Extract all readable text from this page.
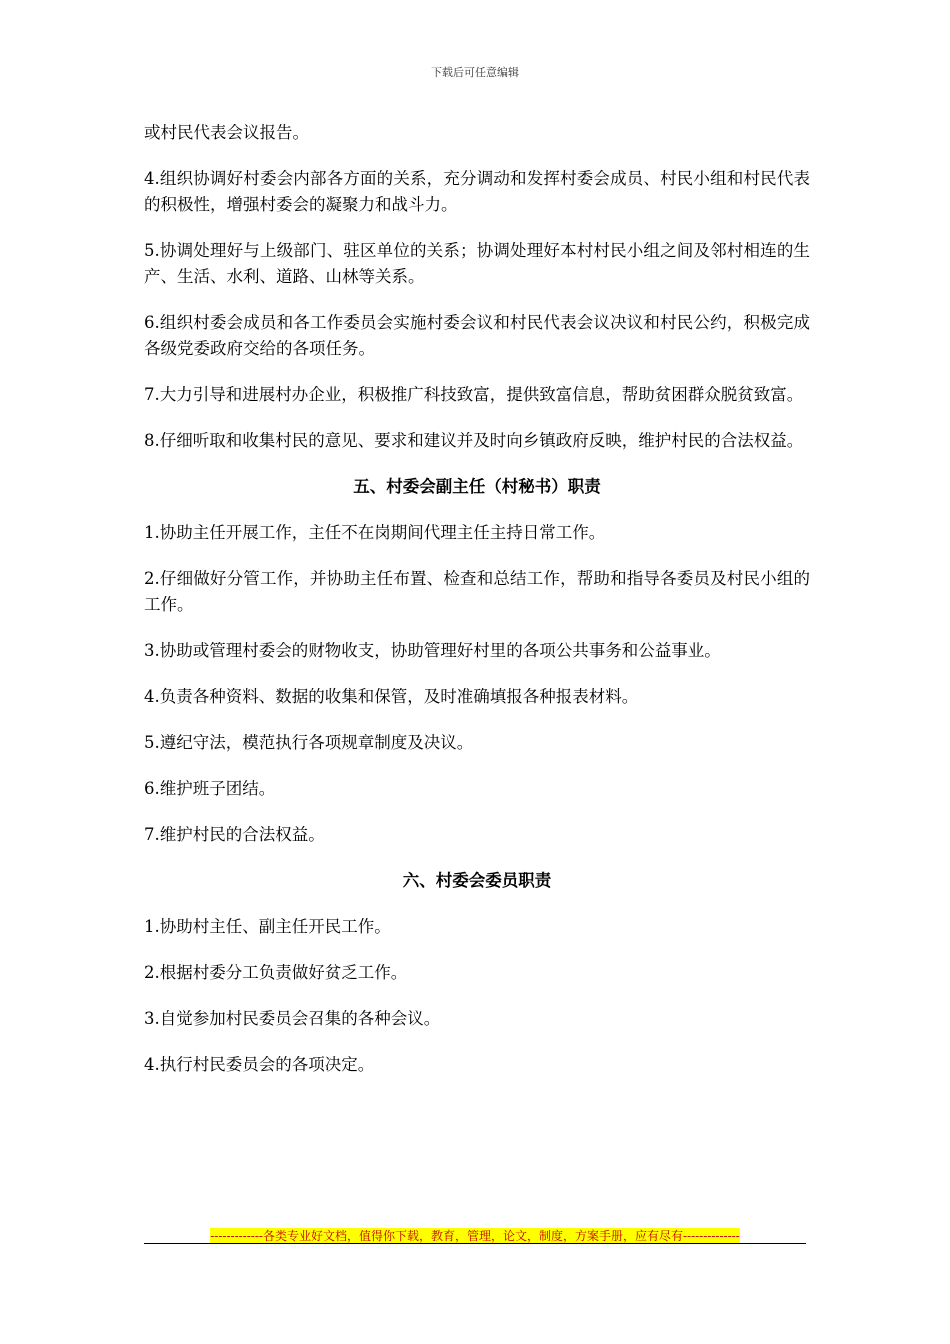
下载后可任意编辑

或村民代表会议报告。

4.组织协调好村委会内部各方面的关系，充分调动和发挥村委会成员、村民小组和村民代表的积极性，增强村委会的凝聚力和战斗力。

5.协调处理好与上级部门、驻区单位的关系；协调处理好本村村民小组之间及邻村相连的生产、生活、水利、道路、山林等关系。

6.组织村委会成员和各工作委员会实施村委会议和村民代表会议决议和村民公约，积极完成各级党委政府交给的各项任务。

7.大力引导和进展村办企业，积极推广科技致富，提供致富信息，帮助贫困群众脱贫致富。

8.仔细听取和收集村民的意见、要求和建议并及时向乡镇政府反映，维护村民的合法权益。

五、村委会副主任（村秘书）职责

1.协助主任开展工作，主任不在岗期间代理主任主持日常工作。

2.仔细做好分管工作，并协助主任布置、检查和总结工作，帮助和指导各委员及村民小组的工作。

3.协助或管理村委会的财物收支，协助管理好村里的各项公共事务和公益事业。

4.负责各种资料、数据的收集和保管，及时准确填报各种报表材料。

5.遵纪守法，模范执行各项规章制度及决议。

6.维护班子团结。

7.维护村民的合法权益。

六、村委会委员职责

1.协助村主任、副主任开民工作。

2.根据村委分工负责做好贫乏工作。

3.自觉参加村民委员会召集的各种会议。

4.执行村民委员会的各项决定。

-------------各类专业好文档，值得你下载，教育，管理，论文，制度，方案手册，应有尽有--------------
